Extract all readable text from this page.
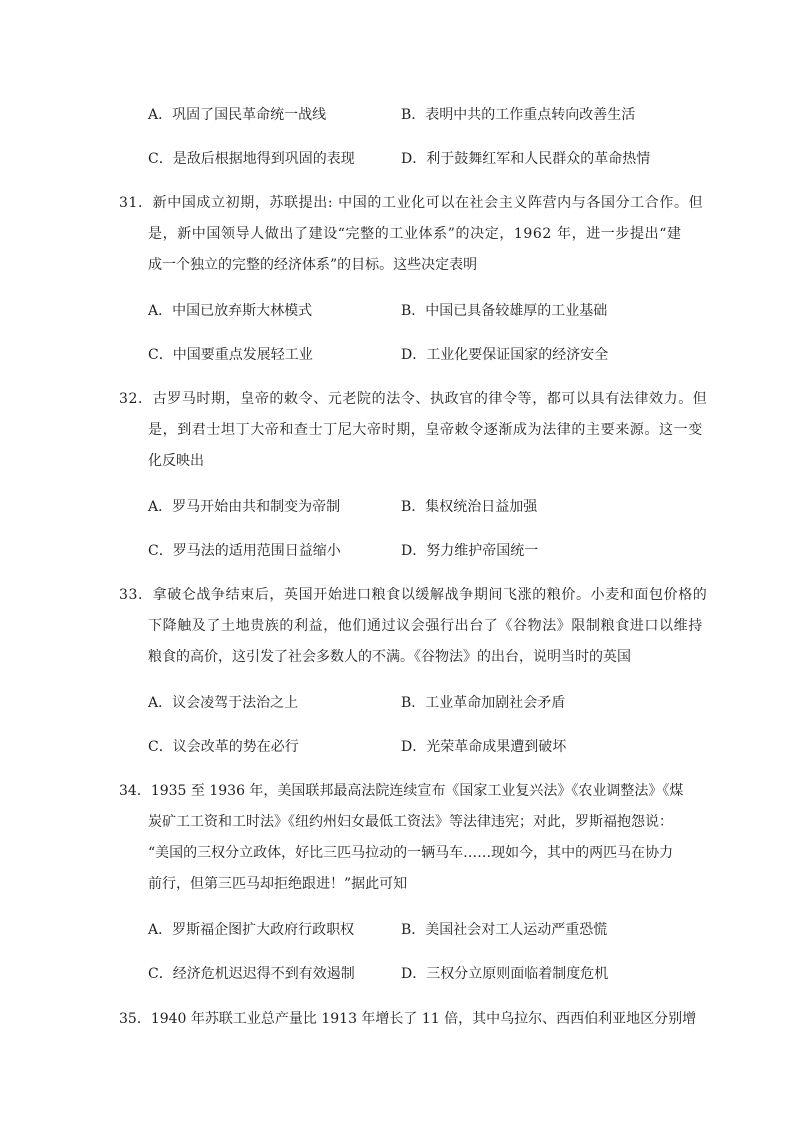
A．巩固了国民革命统一战线	B．表明中共的工作重点转向改善生活
C．是敌后根据地得到巩固的表现	D．利于鼓舞红军和人民群众的革命热情
31．新中国成立初期，苏联提出: 中国的工业化可以在社会主义阵营内与各国分工合作。但
是，新中国领导人做出了建设“完整的工业体系”的决定，1962 年，进一步提出“建
成一个独立的完整的经济体系”的目标。这些决定表明
A．中国已放弃斯大林模式	B．中国已具备较雄厚的工业基础
C．中国要重点发展轻工业	D．工业化要保证国家的经济安全
32．古罗马时期，皇帝的敕令、元老院的法令、执政官的律令等，都可以具有法律效力。但
是，到君士坦丁大帝和查士丁尼大帝时期，皇帝敕令逐渐成为法律的主要来源。这一变
化反映出
A．罗马开始由共和制变为帝制	B．集权统治日益加强
C．罗马法的适用范围日益缩小	D．努力维护帝国统一
33．拿破仑战争结束后，英国开始进口粮食以缓解战争期间飞涨的粮价。小麦和面包价格的
下降触及了土地贵族的利益，他们通过议会强行出台了《谷物法》限制粮食进口以维持
粮食的高价，这引发了社会多数人的不满。《谷物法》的出台，说明当时的英国
A．议会凌驾于法治之上	B．工业革命加剧社会矛盾
C．议会改革的势在必行	D．光荣革命成果遭到破坏
34．1935 至 1936 年，美国联邦最高法院连续宣布《国家工业复兴法》《农业调整法》《煤
炭矿工工资和工时法》《纽约州妇女最低工资法》等法律违宪；对此，罗斯福抱怨说：
“美国的三权分立政体，好比三匹马拉动的一辆马车……现如今，其中的两匹马在协力
前行，但第三匹马却拒绝跟进！”据此可知
A．罗斯福企图扩大政府行政职权	B．美国社会对工人运动严重恐慌
C．经济危机迟迟得不到有效遏制	D．三权分立原则面临着制度危机
35．1940 年苏联工业总产量比 1913 年增长了 11 倍，其中乌拉尔、西西伯利亚地区分别增
